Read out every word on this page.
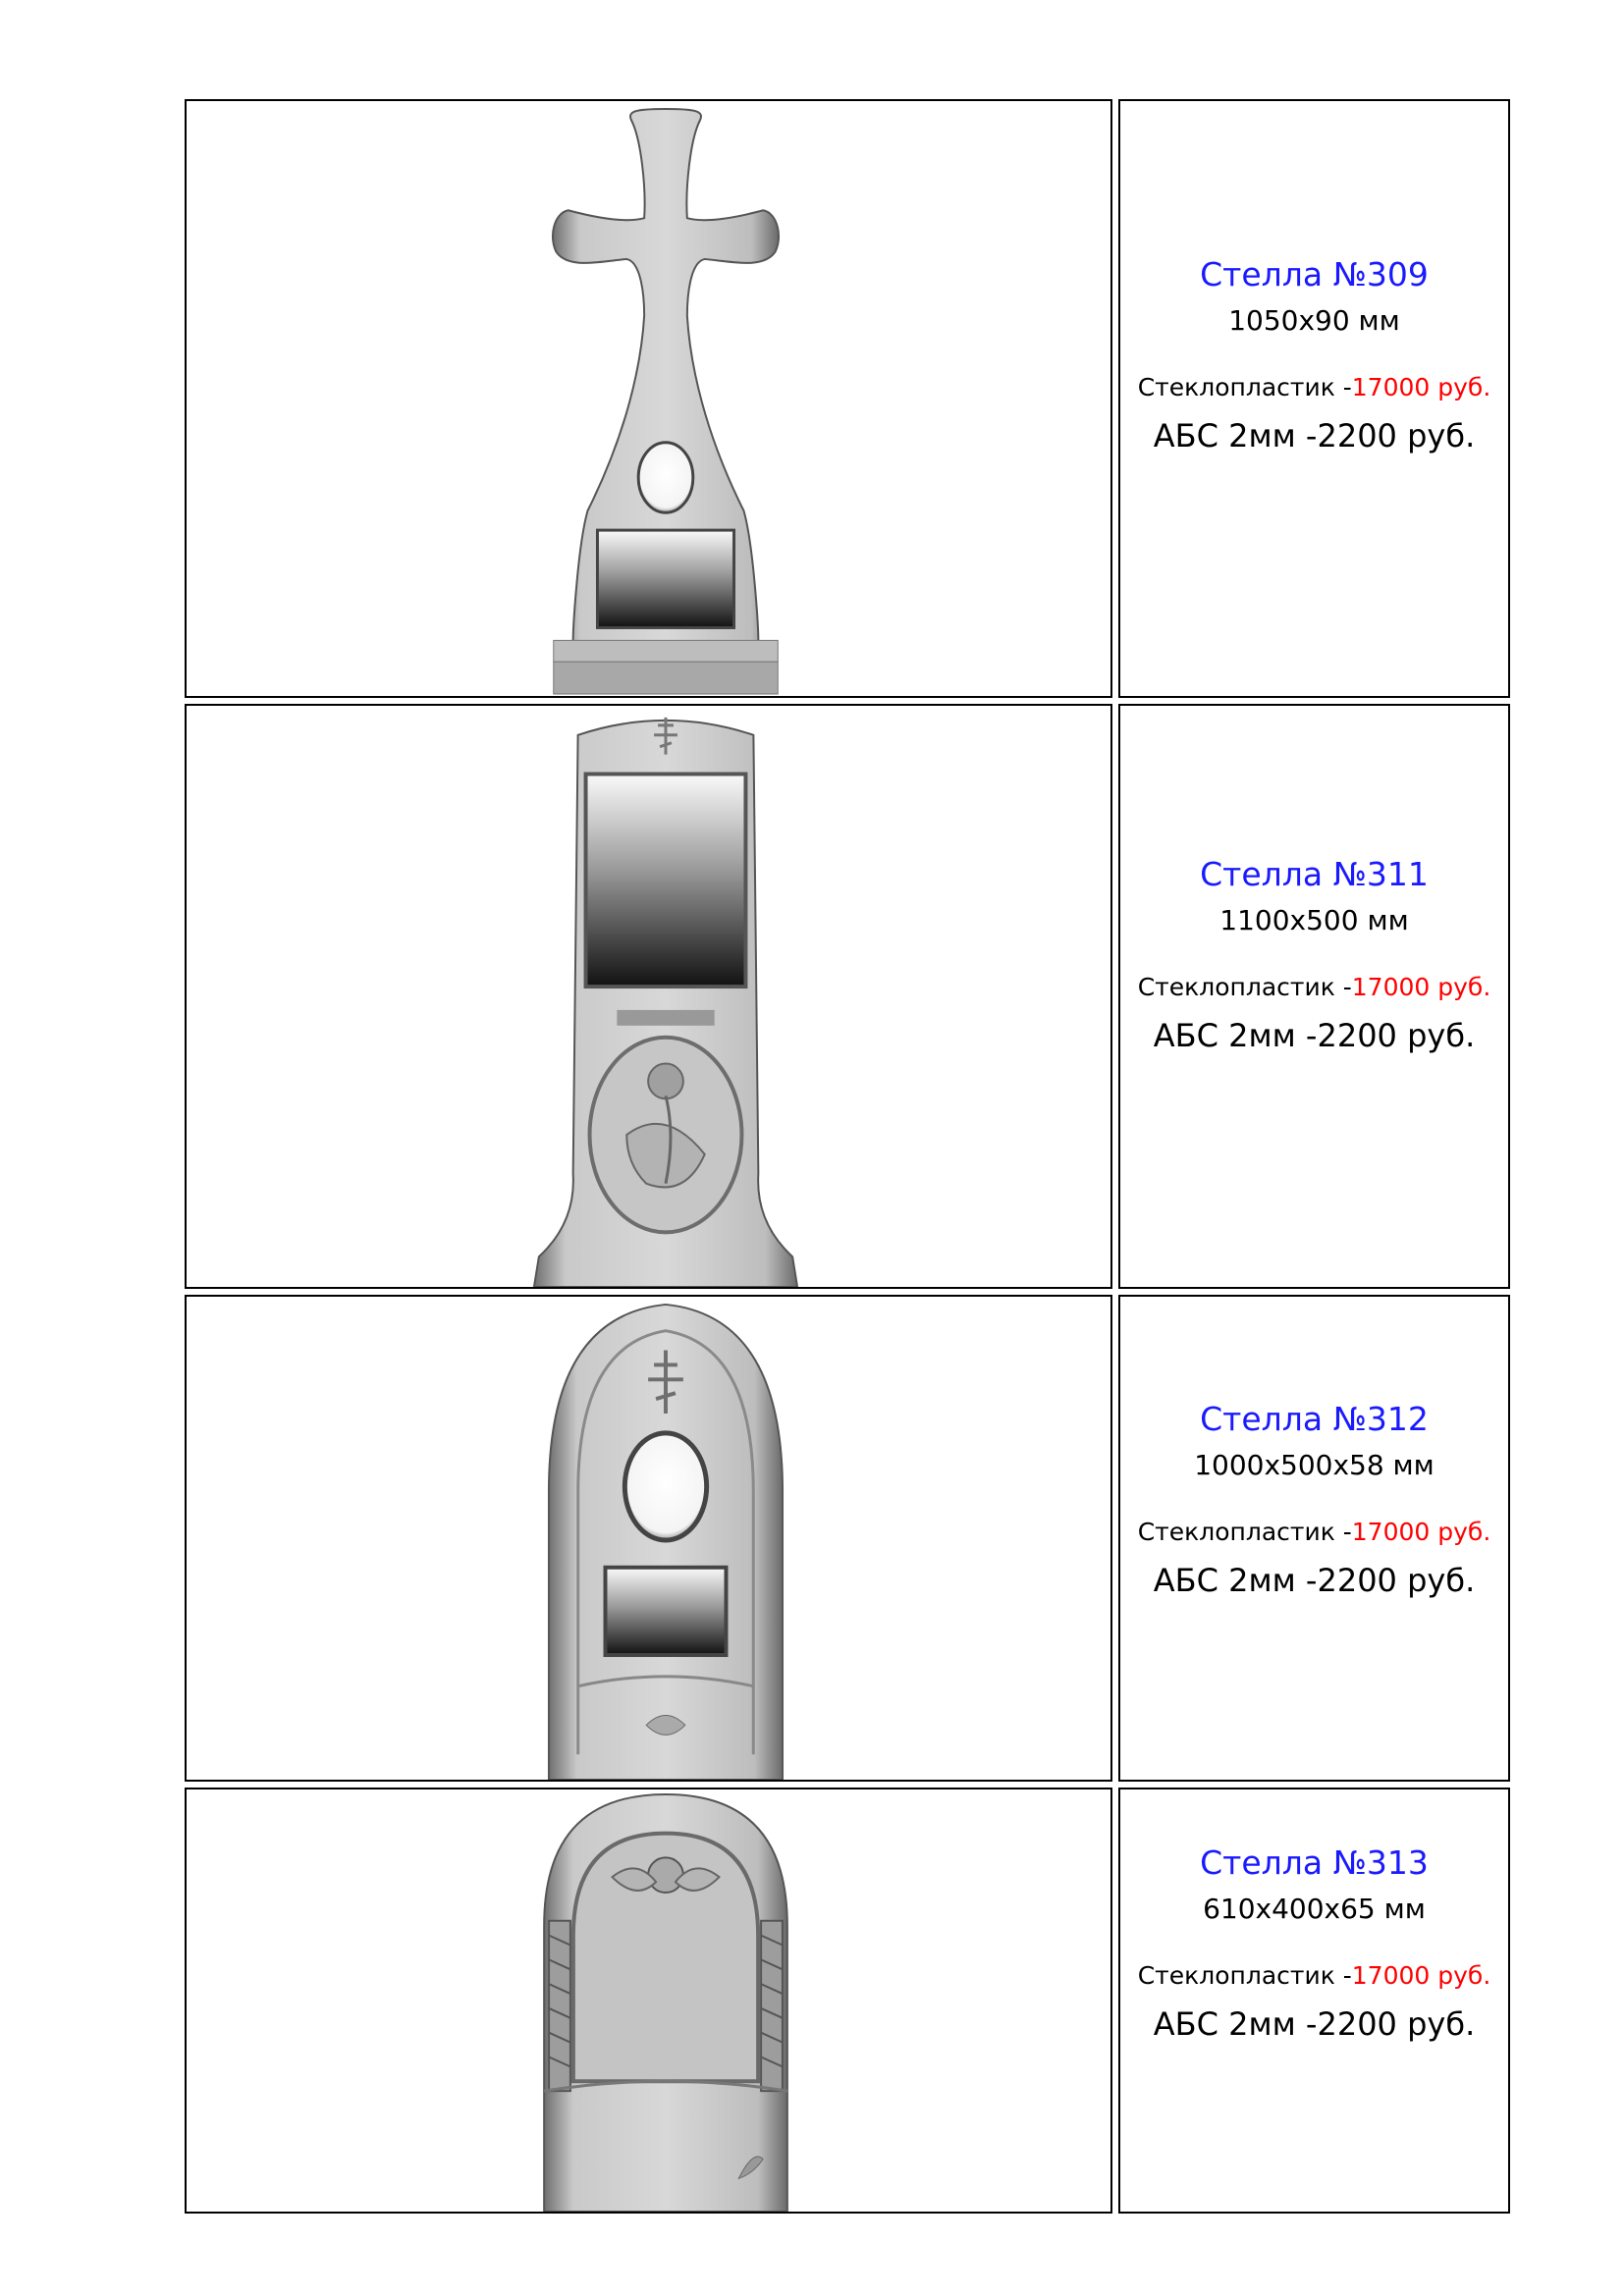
Стелла №309
1050х90 мм
Стеклопластик -17000 руб.
АБС 2мм -2200 руб.
Стелла №311
1100х500 мм
Стеклопластик -17000 руб.
АБС 2мм -2200 руб.
Стелла №312
1000х500х58 мм
Стеклопластик -17000 руб.
АБС 2мм -2200 руб.
Стелла №313
610х400х65 мм
Стеклопластик -17000 руб.
АБС 2мм -2200 руб.
